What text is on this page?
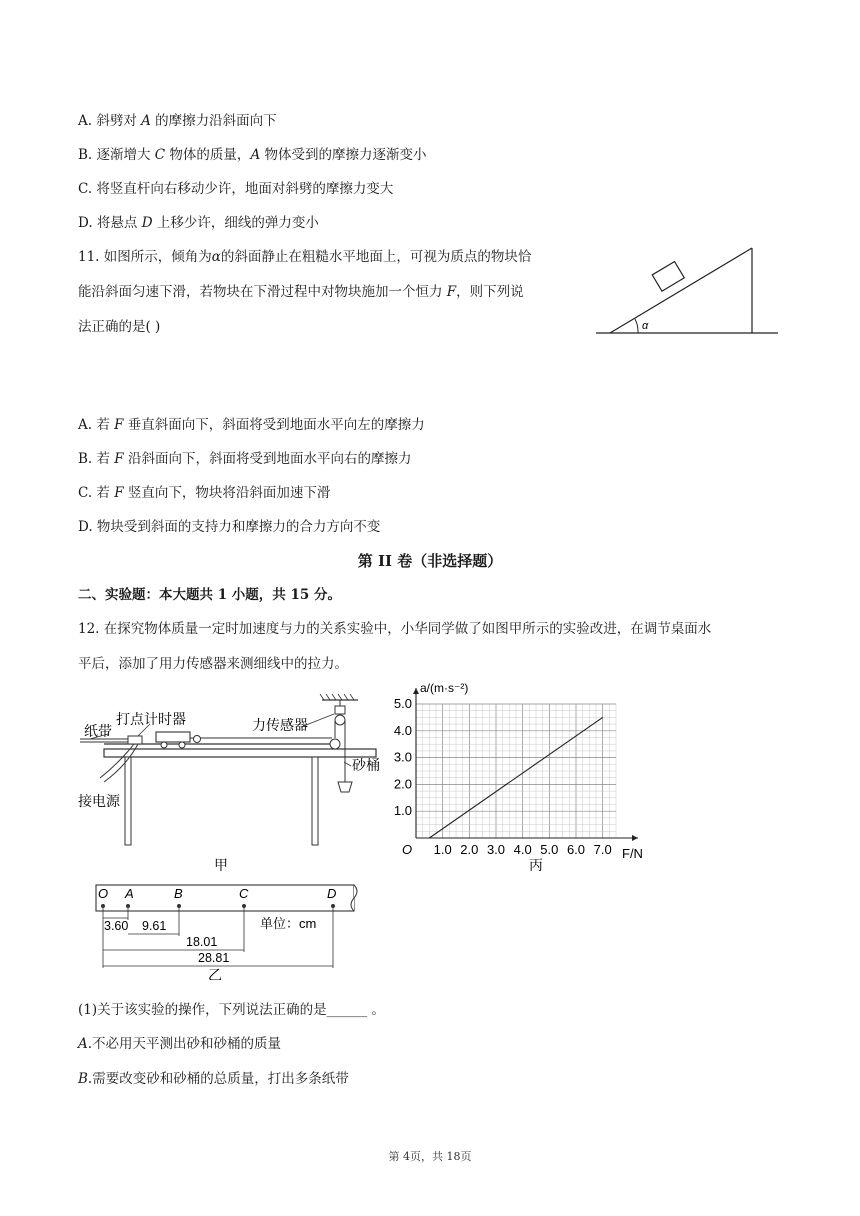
A. 斜劈对 A 的摩擦力沿斜面向下
B. 逐渐增大 C 物体的质量，A 物体受到的摩擦力逐渐变小
C. 将竖直杆向右移动少许，地面对斜劈的摩擦力变大
D. 将悬点 D 上移少许，细线的弹力变小
11. 如图所示，倾角为α的斜面静止在粗糙水平地面上，可视为质点的物块恰
能沿斜面匀速下滑，若物块在下滑过程中对物块施加一个恒力 F，则下列说
法正确的是( )	α
A. 若 F 垂直斜面向下，斜面将受到地面水平向左的摩擦力
B. 若 F 沿斜面向下，斜面将受到地面水平向右的摩擦力
C. 若 F 竖直向下，物块将沿斜面加速下滑
D. 物块受到斜面的支持力和摩擦力的合力方向不变
第 II 卷（非选择题）
二、实验题：本大题共 1 小题，共 15 分。
12. 在探究物体质量一定时加速度与力的关系实验中，小华同学做了如图甲所示的实验改进，在调节桌面水
平后，添加了用力传感器来测细线中的拉力。
打点计时器	力传感器
纸带
砂桶
接电源
甲
O A	B	C	D
单位：cm
3.60 9.61
18.01
28.81
乙
1.0 2.0 3.0 4.0 5.0 6.0 7.0
1.0
2.0
3.0
4.0
5.0
a/(m·s⁻²)
F/N
O
丙
(1)关于该实验的操作，下列说法正确的是______ 。
A.不必用天平测出砂和砂桶的质量
B.需要改变砂和砂桶的总质量，打出多条纸带
第 4页，共 18页
